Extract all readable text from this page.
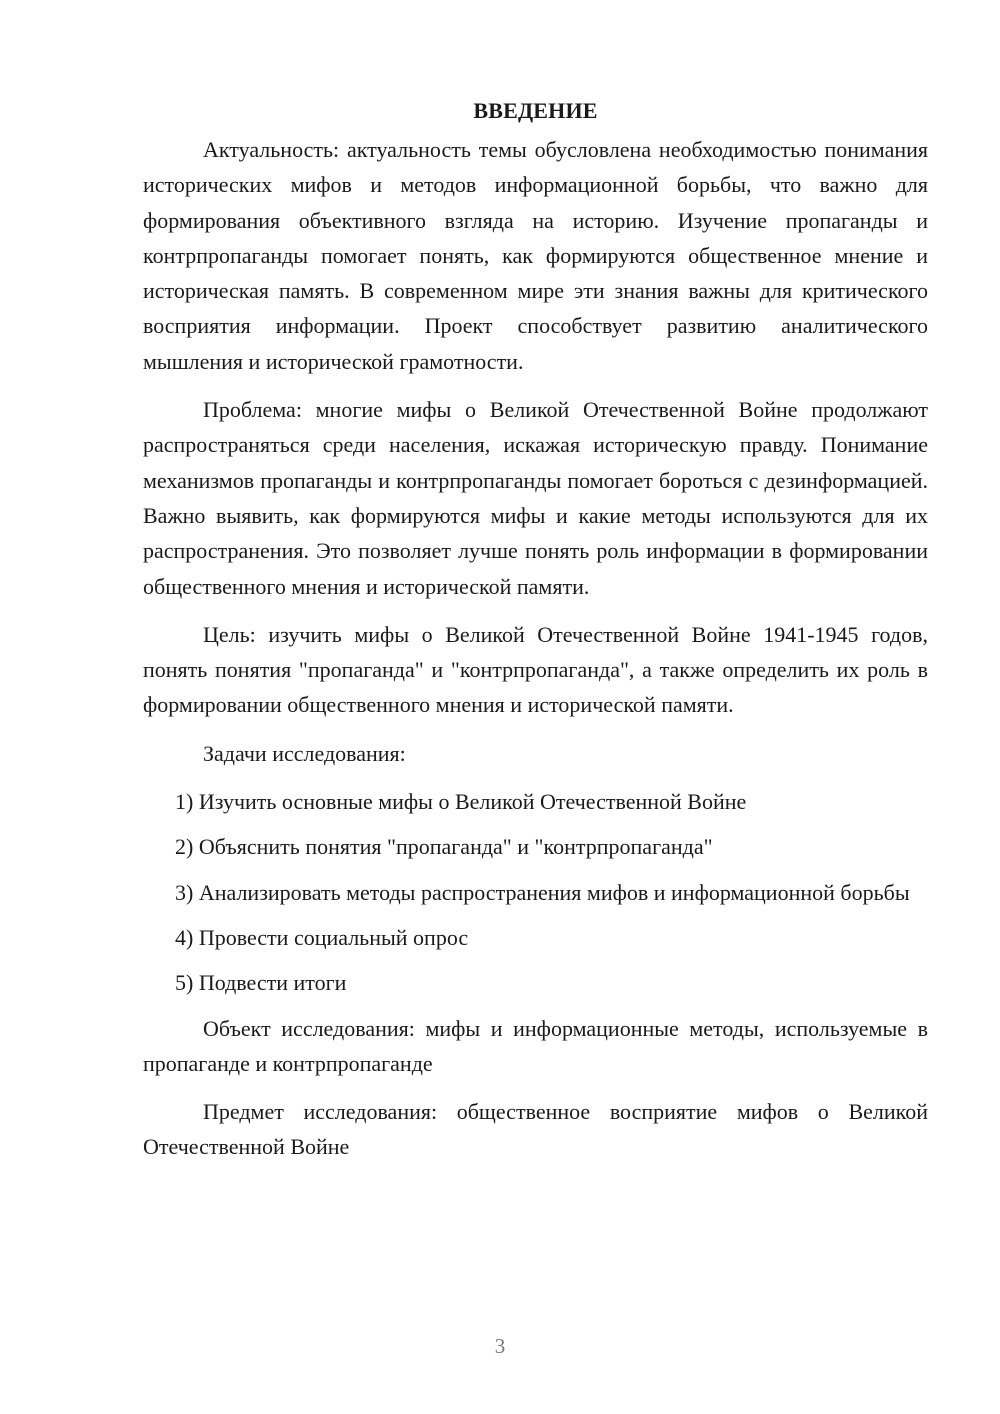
ВВЕДЕНИЕ

Актуальность: актуальность темы обусловлена необходимостью понимания исторических мифов и методов информационной борьбы, что важно для формирования объективного взгляда на историю. Изучение пропаганды и контрпропаганды помогает понять, как формируются общественное мнение и историческая память. В современном мире эти знания важны для критического восприятия информации. Проект способствует развитию аналитического мышления и исторической грамотности.

Проблема: многие мифы о Великой Отечественной Войне продолжают распространяться среди населения, искажая историческую правду. Понимание механизмов пропаганды и контрпропаганды помогает бороться с дезинформацией. Важно выявить, как формируются мифы и какие методы используются для их распространения. Это позволяет лучше понять роль информации в формировании общественного мнения и исторической памяти.

Цель: изучить мифы о Великой Отечественной Войне 1941-1945 годов, понять понятия "пропаганда" и "контрпропаганда", а также определить их роль в формировании общественного мнения и исторической памяти.

Задачи исследования:

1) Изучить основные мифы о Великой Отечественной Войне

2) Объяснить понятия "пропаганда" и "контрпропаганда"

3) Анализировать методы распространения мифов и информационной борьбы

4) Провести социальный опрос

5) Подвести итоги

Объект исследования: мифы и информационные методы, используемые в пропаганде и контрпропаганде

Предмет исследования: общественное восприятие мифов о Великой Отечественной Войне

3
